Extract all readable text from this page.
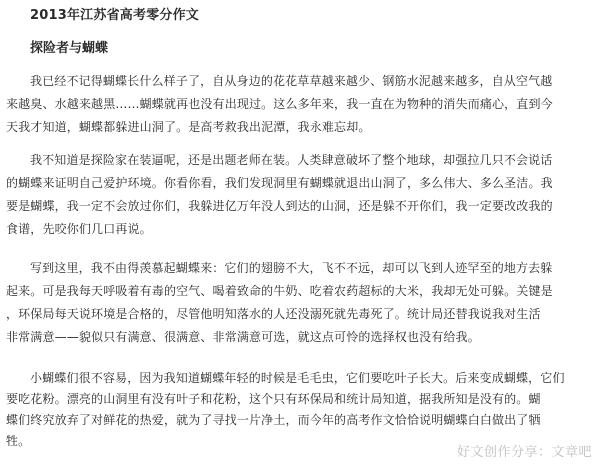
2013年江苏省高考零分作文
探险者与蝴蝶
我已经不记得蝴蝶长什么样子了，自从身边的花花草草越来越少、钢筋水泥越来越多，自从空气越
来越臭、水越来越黑……蝴蝶就再也没有出现过。这么多年来，我一直在为物种的消失而痛心，直到今
天我才知道，蝴蝶都躲进山洞了。是高考救我出泥潭，我永难忘却。
我不知道是探险家在装逼呢，还是出题老师在装。人类肆意破坏了整个地球，却强拉几只不会说话
的蝴蝶来证明自己爱护环境。你看你看，我们发现洞里有蝴蝶就退出山洞了，多么伟大、多么圣洁。我
要是蝴蝶，我一定不会放过你们，我躲进亿万年没人到达的山洞，还是躲不开你们，我一定要改改我的
食谱，先咬你们几口再说。
写到这里，我不由得羡慕起蝴蝶来：它们的翅膀不大，飞不不远，却可以飞到人迹罕至的地方去躲
起来。可是我每天呼吸着有毒的空气、喝着致命的牛奶、吃着农药超标的大米，我却无处可躲。关键是
，环保局每天说环境是合格的，尽管他明知落水的人还没溺死就先毒死了。统计局还替我说我对生活
非常满意——貌似只有满意、很满意、非常满意可选，就这点可怜的选择权也没有给我。
小蝴蝶们很不容易，因为我知道蝴蝶年轻的时候是毛毛虫，它们要吃叶子长大。后来变成蝴蝶，它们
要吃花粉。漂亮的山洞里有没有叶子和花粉，这个只有环保局和统计局知道，据我所知是没有的。蝴
蝶们终究放弃了对鲜花的热爱，就为了寻找一片净土，而今年的高考作文恰恰说明蝴蝶白白做出了牺
牲。
好文创作分享：文章吧
